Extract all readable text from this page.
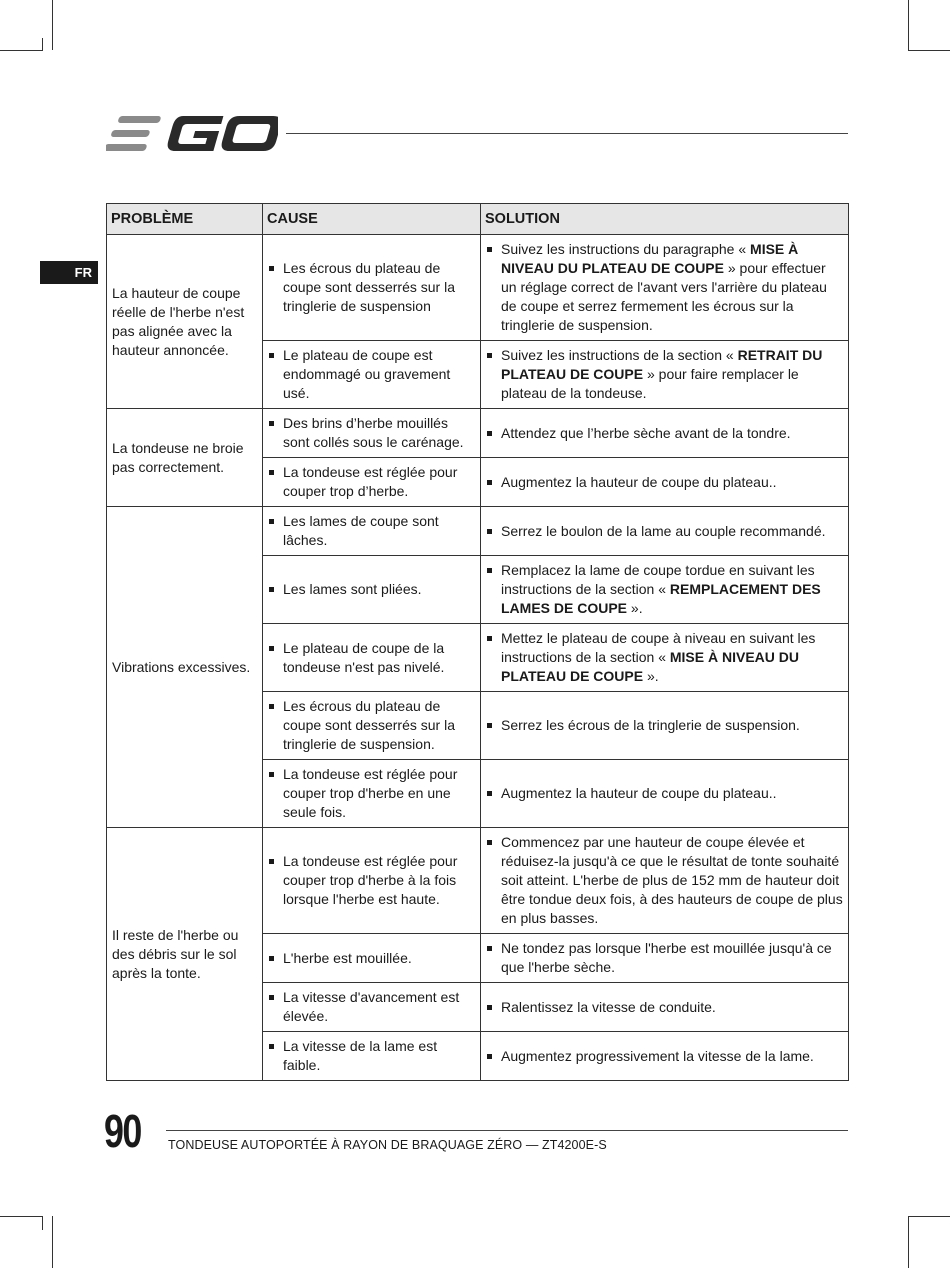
FR
PROBLÈME	CAUSE	SOLUTION
La hauteur de coupe réelle de l'herbe n'est pas alignée avec la hauteur annoncée.	Les écrous du plateau de coupe sont desserrés sur la tringlerie de suspension	Suivez les instructions du paragraphe « MISE À NIVEAU DU PLATEAU DE COUPE » pour effectuer un réglage correct de l'avant vers l'arrière du plateau de coupe et serrez fermement les écrous sur la tringlerie de suspension.

	Le plateau de coupe est endommagé ou gravement usé.	Suivez les instructions de la section « RETRAIT DU PLATEAU DE COUPE » pour faire remplacer le plateau de la tondeuse.

La tondeuse ne broie pas correctement.	Des brins d’herbe mouillés sont collés sous le carénage.	Attendez que l’herbe sèche avant de la tondre.

	La tondeuse est réglée pour couper trop d’herbe.	Augmentez la hauteur de coupe du plateau..

Vibrations excessives.	Les lames de coupe sont lâches.	Serrez le boulon de la lame au couple recommandé.

	Les lames sont pliées.	Remplacez la lame de coupe tordue en suivant les instructions de la section « REMPLACEMENT DES LAMES DE COUPE ».

	Le plateau de coupe de la tondeuse n'est pas nivelé.	Mettez le plateau de coupe à niveau en suivant les instructions de la section « MISE À NIVEAU DU PLATEAU DE COUPE ».

	Les écrous du plateau de coupe sont desserrés sur la tringlerie de suspension.	Serrez les écrous de la tringlerie de suspension.

	La tondeuse est réglée pour couper trop d'herbe en une seule fois.	Augmentez la hauteur de coupe du plateau..

Il reste de l'herbe ou des débris sur le sol après la tonte.	La tondeuse est réglée pour couper trop d'herbe à la fois lorsque l'herbe est haute.	Commencez par une hauteur de coupe élevée et réduisez-la jusqu'à ce que le résultat de tonte souhaité soit atteint. L'herbe de plus de 152 mm de hauteur doit être tondue deux fois, à des hauteurs de coupe de plus en plus basses.

	L'herbe est mouillée.	Ne tondez pas lorsque l'herbe est mouillée jusqu'à ce que l'herbe sèche.

	La vitesse d'avancement est élevée.	Ralentissez la vitesse de conduite.

	La vitesse de la lame est faible.	Augmentez progressivement la vitesse de la lame.
90 TONDEUSE AUTOPORTÉE À RAYON DE BRAQUAGE ZÉRO — ZT4200E-S
